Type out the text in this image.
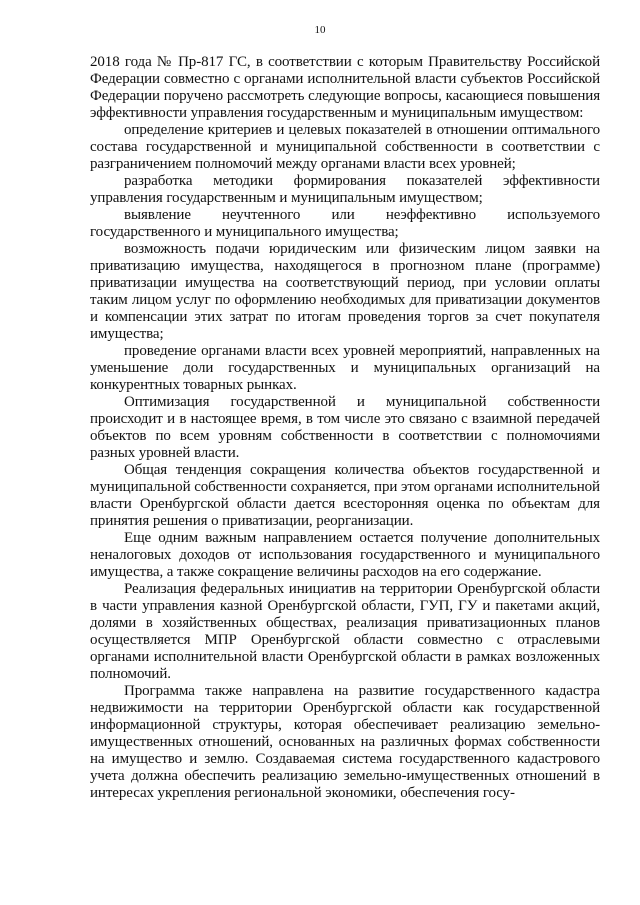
10

2018 года № Пр-817 ГС, в соответствии с которым Правительству Российской Федерации совместно с органами исполнительной власти субъектов Российской Федерации поручено рассмотреть следующие вопросы, касающиеся повышения эффективности управления государственным и муниципальным имуществом:

определение критериев и целевых показателей в отношении оптимального состава государственной и муниципальной собственности в соответствии с разграничением полномочий между органами власти всех уровней;

разработка методики формирования показателей эффективности управления государственным и муниципальным имуществом;

выявление неучтенного или неэффективно используемого государственного и муниципального имущества;

возможность подачи юридическим или физическим лицом заявки на приватизацию имущества, находящегося в прогнозном плане (программе) приватизации имущества на соответствующий период, при условии оплаты таким лицом услуг по оформлению необходимых для приватизации документов и компенсации этих затрат по итогам проведения торгов за счет покупателя имущества;

проведение органами власти всех уровней мероприятий, направленных на уменьшение доли государственных и муниципальных организаций на конкурентных товарных рынках.

Оптимизация государственной и муниципальной собственности происходит и в настоящее время, в том числе это связано с взаимной передачей объектов по всем уровням собственности в соответствии с полномочиями разных уровней власти.

Общая тенденция сокращения количества объектов государственной и муниципальной собственности сохраняется, при этом органами исполнительной власти Оренбургской области дается всесторонняя оценка по объектам для принятия решения о приватизации, реорганизации.

Еще одним важным направлением остается получение дополнительных неналоговых доходов от использования государственного и муниципального имущества, а также сокращение величины расходов на его содержание.

Реализация федеральных инициатив на территории Оренбургской области в части управления казной Оренбургской области, ГУП, ГУ и пакетами акций, долями в хозяйственных обществах, реализация приватизационных планов осуществляется МПР Оренбургской области совместно с отраслевыми органами исполнительной власти Оренбургской области в рамках возложенных полномочий.

Программа также направлена на развитие государственного кадастра недвижимости на территории Оренбургской области как государственной информационной структуры, которая обеспечивает реализацию земельно-имущественных отношений, основанных на различных формах собственности на имущество и землю. Создаваемая система государственного кадастрового учета должна обеспечить реализацию земельно-имущественных отношений в интересах укрепления региональной экономики, обеспечения госу-
